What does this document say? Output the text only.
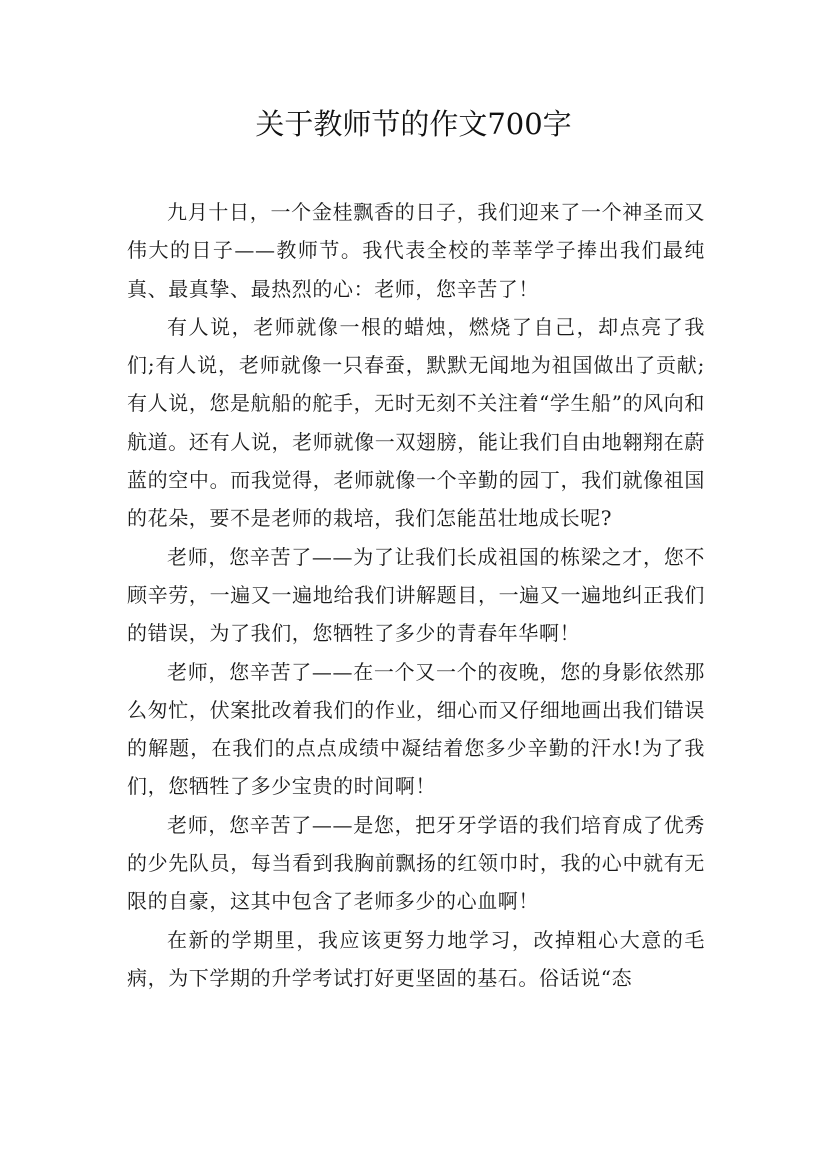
关于教师节的作文700字

九月十日，一个金桂飘香的日子，我们迎来了一个神圣而又伟大的日子——教师节。我代表全校的莘莘学子捧出我们最纯真、最真挚、最热烈的心：老师，您辛苦了！

有人说，老师就像一根的蜡烛，燃烧了自己，却点亮了我们;有人说，老师就像一只春蚕，默默无闻地为祖国做出了贡献;有人说，您是航船的舵手，无时无刻不关注着“学生船”的风向和航道。还有人说，老师就像一双翅膀，能让我们自由地翱翔在蔚蓝的空中。而我觉得，老师就像一个辛勤的园丁，我们就像祖国的花朵，要不是老师的栽培，我们怎能茁壮地成长呢?

老师，您辛苦了——为了让我们长成祖国的栋梁之才，您不顾辛劳，一遍又一遍地给我们讲解题目，一遍又一遍地纠正我们的错误，为了我们，您牺牲了多少的青春年华啊！

老师，您辛苦了——在一个又一个的夜晚，您的身影依然那么匆忙，伏案批改着我们的作业，细心而又仔细地画出我们错误的解题，在我们的点点成绩中凝结着您多少辛勤的汗水!为了我们，您牺牲了多少宝贵的时间啊！

老师，您辛苦了——是您，把牙牙学语的我们培育成了优秀的少先队员，每当看到我胸前飘扬的红领巾时，我的心中就有无限的自豪，这其中包含了老师多少的心血啊！

在新的学期里，我应该更努力地学习，改掉粗心大意的毛病，为下学期的升学考试打好更坚固的基石。俗话说“态
